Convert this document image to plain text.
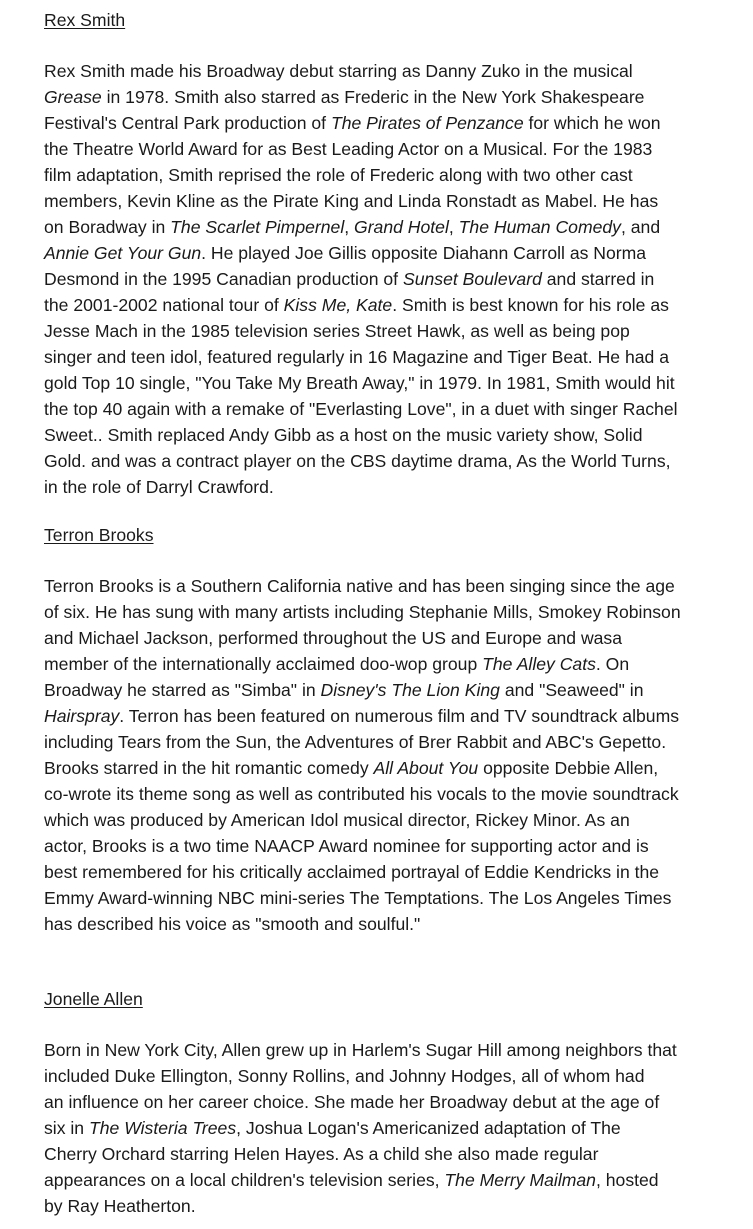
Rex Smith

Rex Smith made his Broadway debut starring as Danny Zuko in the musical
Grease in 1978. Smith also starred as Frederic in the New York Shakespeare
Festival's Central Park production of The Pirates of Penzance for which he won
the Theatre World Award for as Best Leading Actor on a Musical. For the 1983
film adaptation, Smith reprised the role of Frederic along with two other cast
members, Kevin Kline as the Pirate King and Linda Ronstadt as Mabel. He has
on Boradway in The Scarlet Pimpernel, Grand Hotel, The Human Comedy, and
Annie Get Your Gun. He played Joe Gillis opposite Diahann Carroll as Norma
Desmond in the 1995 Canadian production of Sunset Boulevard and starred in
the 2001-2002 national tour of Kiss Me, Kate. Smith is best known for his role as
Jesse Mach in the 1985 television series Street Hawk, as well as being pop
singer and teen idol, featured regularly in 16 Magazine and Tiger Beat. He had a
gold Top 10 single, "You Take My Breath Away," in 1979. In 1981, Smith would hit
the top 40 again with a remake of "Everlasting Love", in a duet with singer Rachel
Sweet.. Smith replaced Andy Gibb as a host on the music variety show, Solid
Gold. and was a contract player on the CBS daytime drama, As the World Turns,
in the role of Darryl Crawford.

Terron Brooks

Terron Brooks is a Southern California native and has been singing since the age
of six. He has sung with many artists including Stephanie Mills, Smokey Robinson
and Michael Jackson, performed throughout the US and Europe and wasa
member of the internationally acclaimed doo-wop group The Alley Cats. On
Broadway he starred as "Simba" in Disney's The Lion King and "Seaweed" in
Hairspray. Terron has been featured on numerous film and TV soundtrack albums
including Tears from the Sun, the Adventures of Brer Rabbit and ABC's Gepetto.
Brooks starred in the hit romantic comedy All About You opposite Debbie Allen,
co-wrote its theme song as well as contributed his vocals to the movie soundtrack
which was produced by American Idol musical director, Rickey Minor. As an
actor, Brooks is a two time NAACP Award nominee for supporting actor and is
best remembered for his critically acclaimed portrayal of Eddie Kendricks in the
Emmy Award-winning NBC mini-series The Temptations. The Los Angeles Times
has described his voice as "smooth and soulful."

Jonelle Allen

Born in New York City, Allen grew up in Harlem's Sugar Hill among neighbors that
included Duke Ellington, Sonny Rollins, and Johnny Hodges, all of whom had
an influence on her career choice. She made her Broadway debut at the age of
six in The Wisteria Trees, Joshua Logan's Americanized adaptation of The
Cherry Orchard starring Helen Hayes. As a child she also made regular
appearances on a local children's television series, The Merry Mailman, hosted
by Ray Heatherton.
